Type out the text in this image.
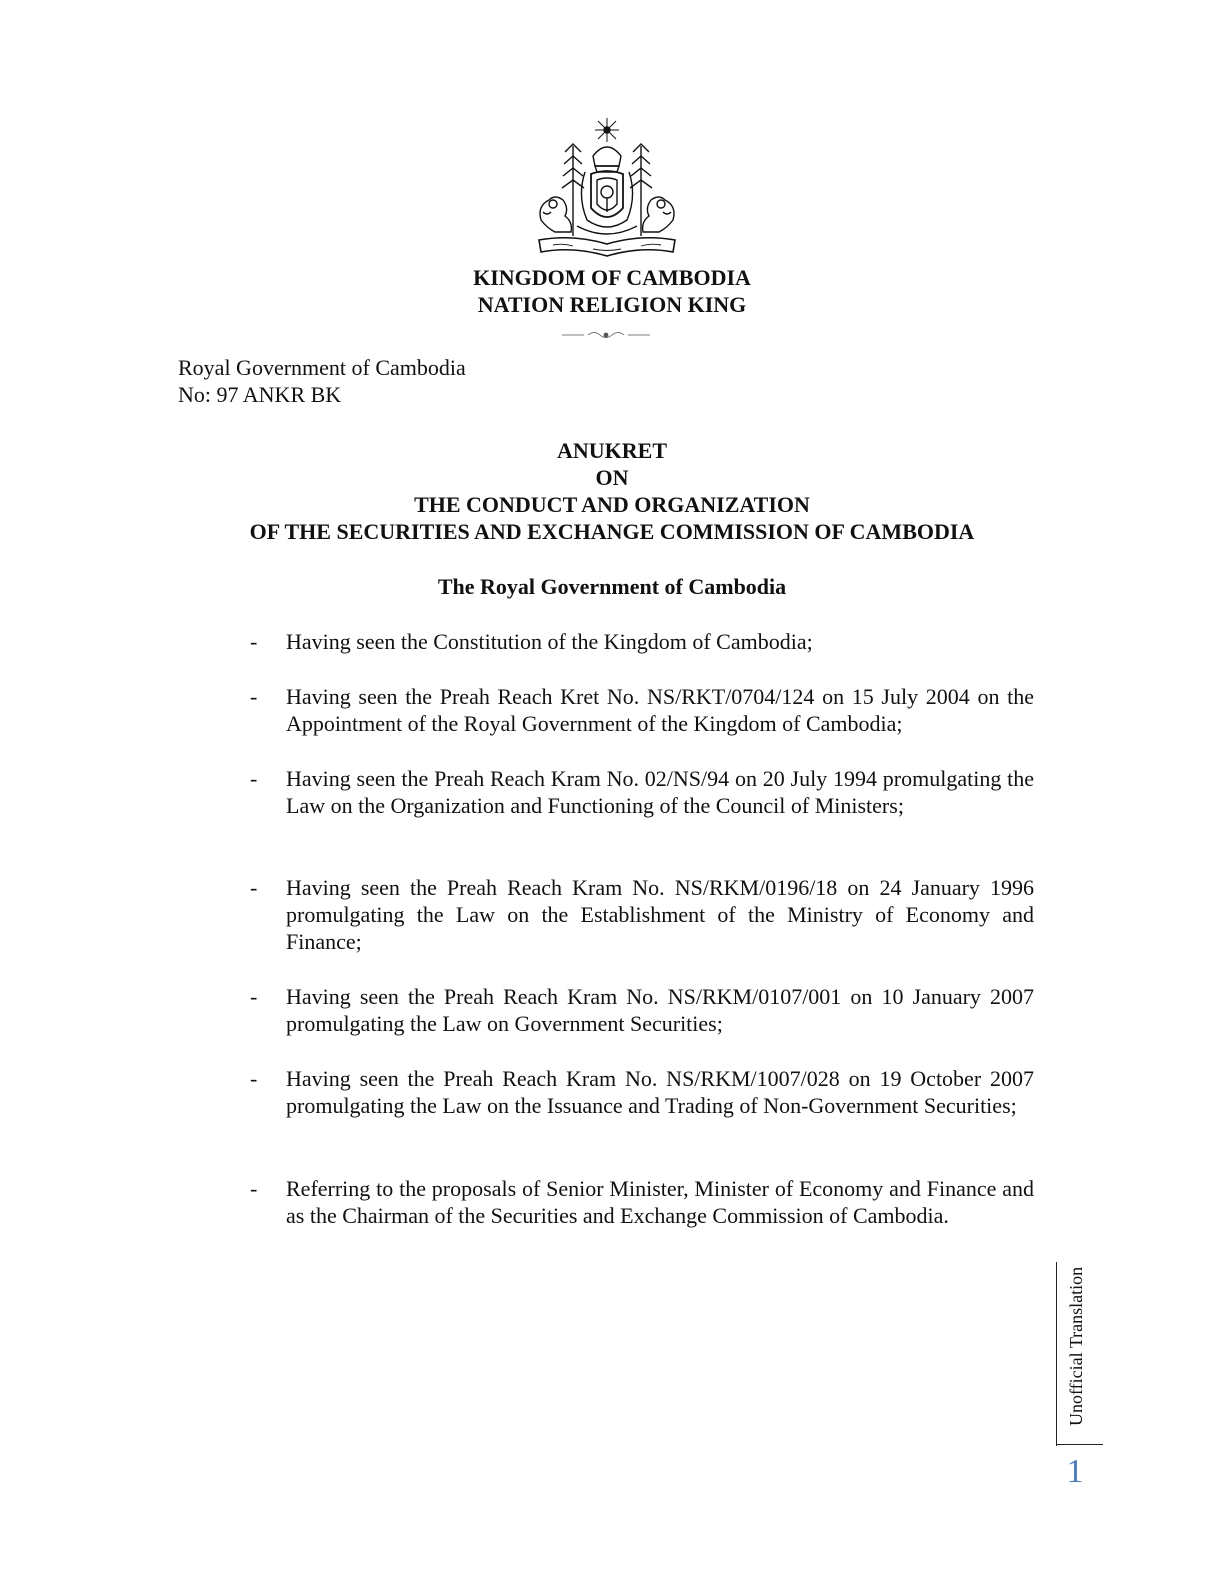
KINGDOM OF CAMBODIA
NATION RELIGION KING
Royal Government of Cambodia
No: 97 ANKR BK
ANUKRET
ON
THE CONDUCT AND ORGANIZATION
OF THE SECURITIES AND EXCHANGE COMMISSION OF CAMBODIA
The Royal Government of Cambodia
- Having seen the Constitution of the Kingdom of Cambodia;
- Having seen the Preah Reach Kret No. NS/RKT/0704/124 on 15 July 2004 on the Appointment of the Royal Government of the Kingdom of Cambodia;
- Having seen the Preah Reach Kram No. 02/NS/94 on 20 July 1994 promulgating the Law on the Organization and Functioning of the Council of Ministers;
- Having seen the Preah Reach Kram No. NS/RKM/0196/18 on 24 January 1996 promulgating the Law on the Establishment of the Ministry of Economy and Finance;
- Having seen the Preah Reach Kram No. NS/RKM/0107/001 on 10 January 2007 promulgating the Law on Government Securities;
- Having seen the Preah Reach Kram No. NS/RKM/1007/028 on 19 October 2007 promulgating the Law on the Issuance and Trading of Non-Government Securities;
- Referring to the proposals of Senior Minister, Minister of Economy and Finance and as the Chairman of the Securities and Exchange Commission of Cambodia.
Unofficial Translation
1
